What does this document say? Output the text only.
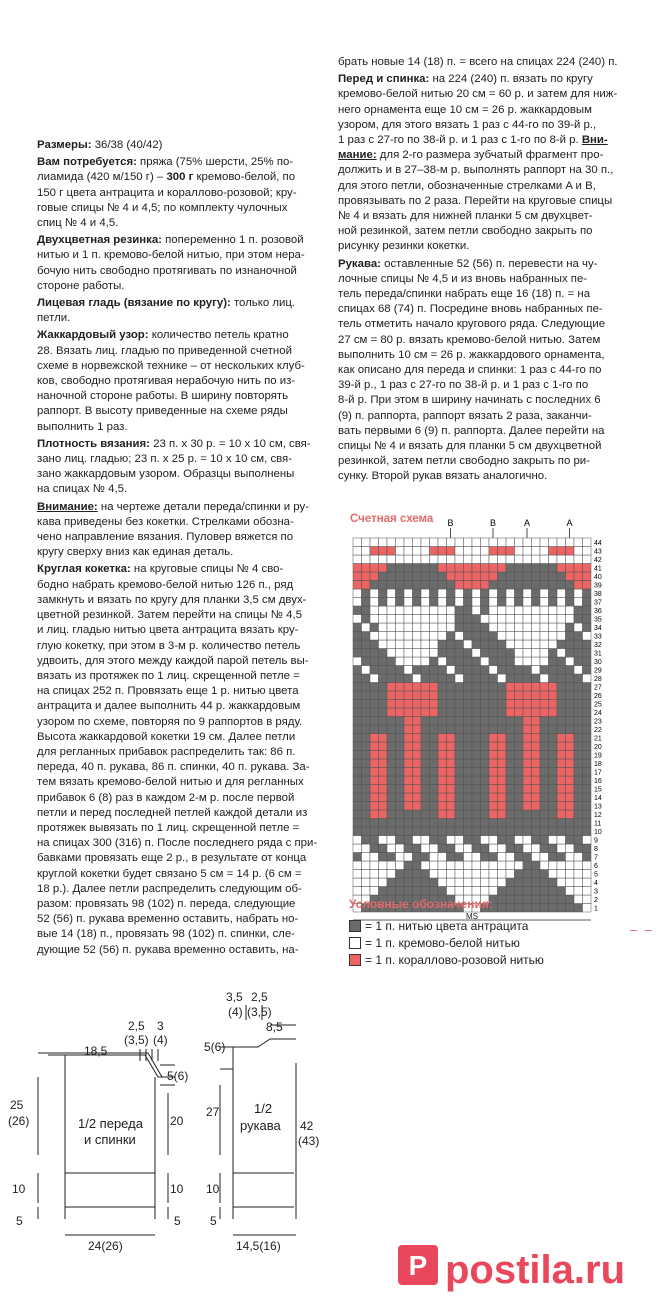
Размеры: 36/38 (40/42)

Вам потребуется: пряжа (75% шерсти, 25% по-
лиамида (420 м/150 г) – 300 г кремово-белой, по
150 г цвета антрацита и кораллово-розовой; кру-
говые спицы № 4 и 4,5; по комплекту чулочных
спиц № 4 и 4,5.

Двухцветная резинка: попеременно 1 п. розовой
нитью и 1 п. кремово-белой нитью, при этом нера-
бочую нить свободно протягивать по изнаночной
стороне работы.

Лицевая гладь (вязание по кругу): только лиц.
петли.

Жаккардовый узор: количество петель кратно
28. Вязать лиц. гладью по приведенной счетной
схеме в норвежской технике – от нескольких клуб-
ков, свободно протягивая нерабочую нить по из-
наночной стороне работы. В ширину повторять
раппорт. В высоту приведенные на схеме ряды
выполнить 1 раз.

Плотность вязания: 23 п. х 30 р. = 10 х 10 см, свя-
зано лиц. гладью; 23 п. х 25 р. = 10 х 10 см, свя-
зано жаккардовым узором. Образцы выполнены
на спицах № 4,5.

Внимание: на чертеже детали переда/спинки и ру-
кава приведены без кокетки. Стрелками обозна-
чено направление вязания. Пуловер вяжется по
кругу сверху вниз как единая деталь.

Круглая кокетка: на круговые спицы № 4 сво-
бодно набрать кремово-белой нитью 126 п., ряд
замкнуть и вязать по кругу для планки 3,5 см двух-
цветной резинкой. Затем перейти на спицы № 4,5
и лиц. гладью нитью цвета антрацита вязать кру-
глую кокетку, при этом в 3-м р. количество петель
удвоить, для этого между каждой парой петель вы-
вязать из протяжек по 1 лиц. скрещенной петле =
на спицах 252 п. Провязать еще 1 р. нитью цвета
антрацита и далее выполнить 44 р. жаккардовым
узором по схеме, повторяя по 9 раппортов в ряду.
Высота жаккардовой кокетки 19 см. Далее петли
для регланных прибавок распределить так: 86 п.
переда, 40 п. рукава, 86 п. спинки, 40 п. рукава. За-
тем вязать кремово-белой нитью и для регланных
прибавок 6 (8) раз в каждом 2-м р. после первой
петли и перед последней петлей каждой детали из
протяжек вывязать по 1 лиц. скрещенной петле =
на спицах 300 (316) п. После последнего ряда с при-
бавками провязать еще 2 р., в результате от конца
круглой кокетки будет связано 5 см = 14 р. (6 см =
18 р.). Далее петли распределить следующим об-
разом: провязать 98 (102) п. переда, следующие
52 (56) п. рукава временно оставить, набрать но-
вые 14 (18) п., провязать 98 (102) п. спинки, сле-
дующие 52 (56) п. рукава временно оставить, на-

брать новые 14 (18) п. = всего на спицах 224 (240) п.

Перед и спинка: на 224 (240) п. вязать по кругу
кремово-белой нитью 20 см = 60 р. и затем для ниж-
него орнамента еще 10 см = 26 р. жаккардовым
узором, для этого вязать 1 раз с 44-го по 39-й р.,
1 раз с 27-го по 38-й р. и 1 раз с 1-го по 8-й р. Вни-
мание: для 2-го размера зубчатый фрагмент про-
должить и в 27–38-м р. выполнять раппорт на 30 п.,
для этого петли, обозначенные стрелками A и B,
провязывать по 2 раза. Перейти на круговые спицы
№ 4 и вязать для нижней планки 5 см двухцвет-
ной резинкой, затем петли свободно закрыть по
рисунку резинки кокетки.

Рукава: оставленные 52 (56) п. перевести на чу-
лочные спицы № 4,5 и из вновь набранных пе-
тель переда/спинки набрать еще 16 (18) п. = на
спицах 68 (74) п. Посредине вновь набранных пе-
тель отметить начало кругового ряда. Следующие
27 см = 80 р. вязать кремово-белой нитью. Затем
выполнить 10 см = 26 р. жаккардового орнамента,
как описано для переда и спинки: 1 раз с 44-го по
39-й р., 1 раз с 27-го по 38-й р. и 1 раз с 1-го по
8-й р. При этом в ширину начинать с последних 6
(9) п. раппорта, раппорт вязать 2 раза, заканчи-
вать первыми 6 (9) п. раппорта. Далее перейти на
спицы № 4 и вязать для планки 5 см двухцветной
резинкой, затем петли свободно закрыть по ри-
сунку. Второй рукав вязать аналогично.

Счетная схема
44
43
42
41
40
39
38
37
36
35
34
33
32
31
30
29
28
27
26
25
24
23
22
21
20
19
18
17
16
15
14
13
12
11
10
9
8
7
6
5
4
3
2
1
B	B	A	A
MS
– –
Условные обозначения:
= 1 п. нитью цвета антрацита
= 1 п. кремово-белой нитью
= 1 п. кораллово-розовой нитью
18,5
2,5
(3,5)
3
(4)
5(6)
1/2 переда
и спинки
25
(26)	20
10	10
5	5
24(26)
3,5
(4)
2,5
(3,5)
8,5
5(6)
1/2
рукава
27
42
(43)
10
5
14,5(16)
P postila.ru
